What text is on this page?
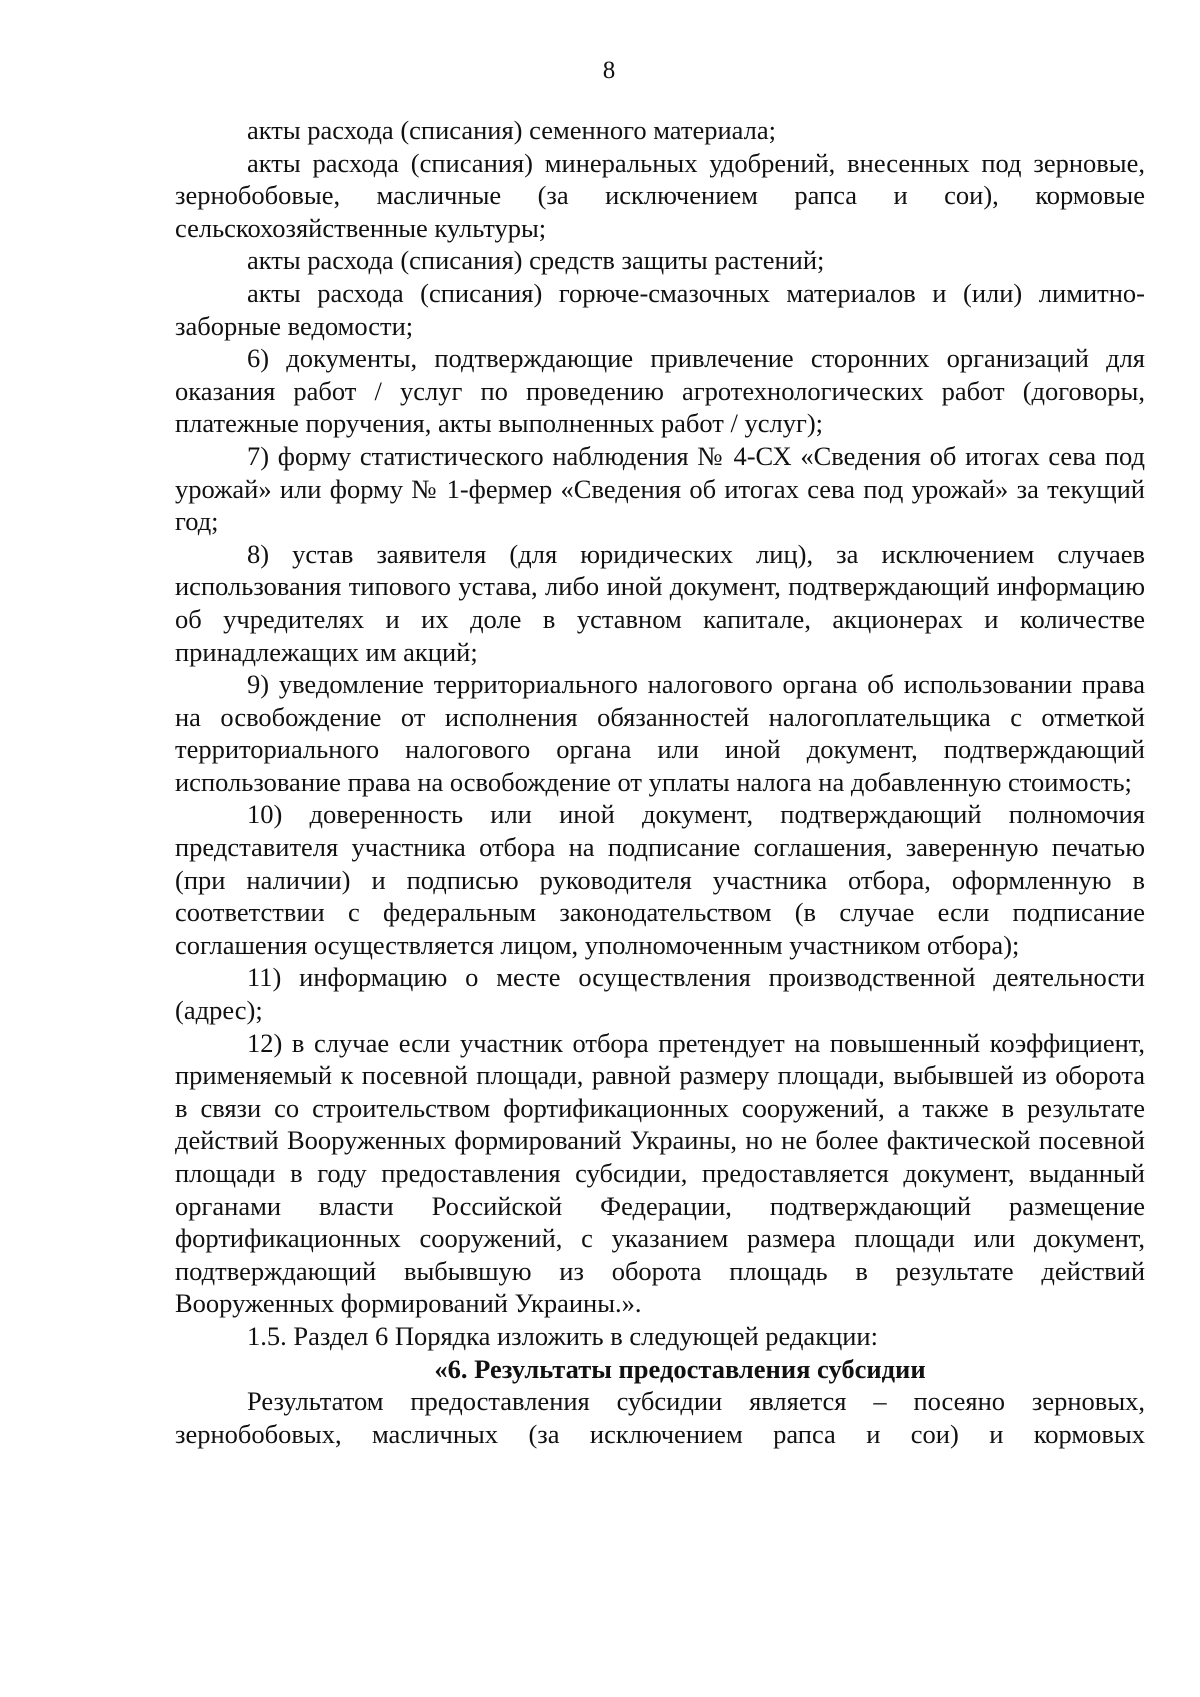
8

акты расхода (списания) семенного материала;

акты расхода (списания) минеральных удобрений, внесенных под зерновые, зернобобовые, масличные (за исключением рапса и сои), кормовые сельскохозяйственные культуры;

акты расхода (списания) средств защиты растений;

акты расхода (списания) горюче-смазочных материалов и (или) лимитно-заборные ведомости;

6) документы, подтверждающие привлечение сторонних организаций для оказания работ / услуг по проведению агротехнологических работ (договоры, платежные поручения, акты выполненных работ / услуг);

7) форму статистического наблюдения № 4-СХ «Сведения об итогах сева под урожай» или форму № 1-фермер «Сведения об итогах сева под урожай» за текущий год;

8) устав заявителя (для юридических лиц), за исключением случаев использования типового устава, либо иной документ, подтверждающий информацию об учредителях и их доле в уставном капитале, акционерах и количестве принадлежащих им акций;

9) уведомление территориального налогового органа об использовании права на освобождение от исполнения обязанностей налогоплательщика с отметкой территориального налогового органа или иной документ, подтверждающий использование права на освобождение от уплаты налога на добавленную стоимость;

10) доверенность или иной документ, подтверждающий полномочия представителя участника отбора на подписание соглашения, заверенную печатью (при наличии) и подписью руководителя участника отбора, оформленную в соответствии с федеральным законодательством (в случае если подписание соглашения осуществляется лицом, уполномоченным участником отбора);

11) информацию о месте осуществления производственной деятельности (адрес);

12) в случае если участник отбора претендует на повышенный коэффициент, применяемый к посевной площади, равной размеру площади, выбывшей из оборота в связи со строительством фортификационных сооружений, а также в результате действий Вооруженных формирований Украины, но не более фактической посевной площади в году предоставления субсидии, предоставляется документ, выданный органами власти Российской Федерации, подтверждающий размещение фортификационных сооружений, с указанием размера площади или документ, подтверждающий выбывшую из оборота площадь в результате действий Вооруженных формирований Украины.».

1.5. Раздел 6 Порядка изложить в следующей редакции:

«6. Результаты предоставления субсидии

Результатом предоставления субсидии является – посеяно зерновых, зернобобовых, масличных (за исключением рапса и сои) и кормовых
